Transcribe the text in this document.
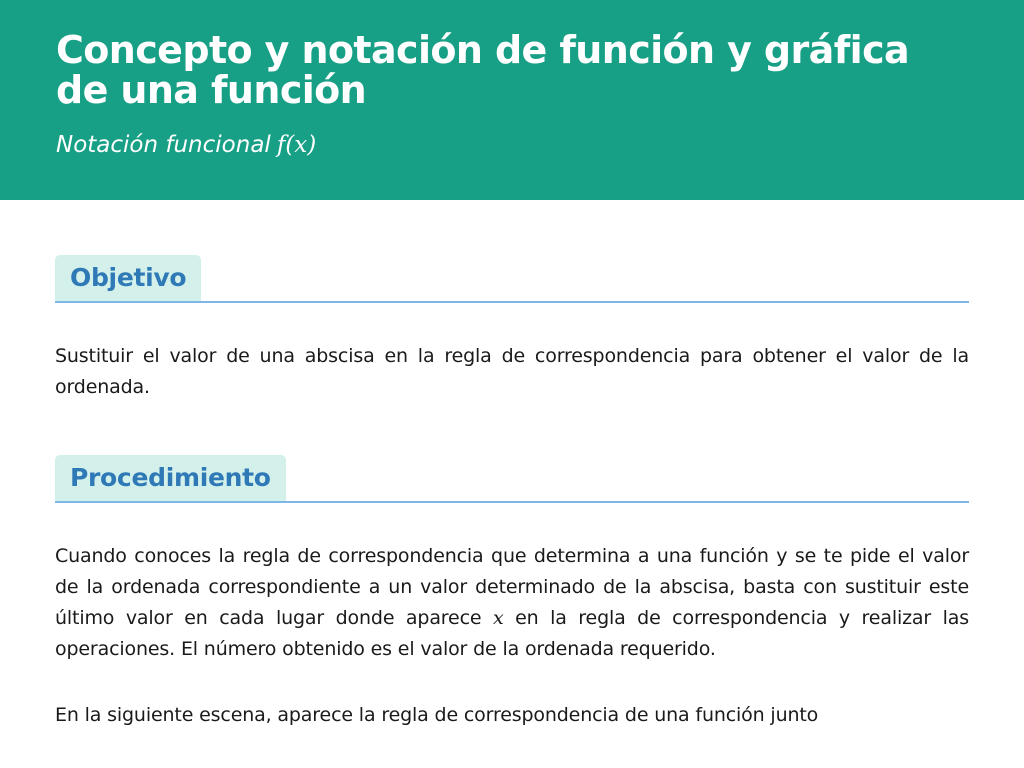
Concepto y notación de función y gráfica de una función
Notación funcional f(x)
Objetivo

Sustituir el valor de una abscisa en la regla de correspondencia para obtener el valor de la ordenada.

Procedimiento

Cuando conoces la regla de correspondencia que determina a una función y se te pide el valor de la ordenada correspondiente a un valor determinado de la abscisa, basta con sustituir este último valor en cada lugar donde aparece x en la regla de correspondencia y realizar las operaciones. El número obtenido es el valor de la ordenada requerido.

En la siguiente escena, aparece la regla de correspondencia de una función junto
